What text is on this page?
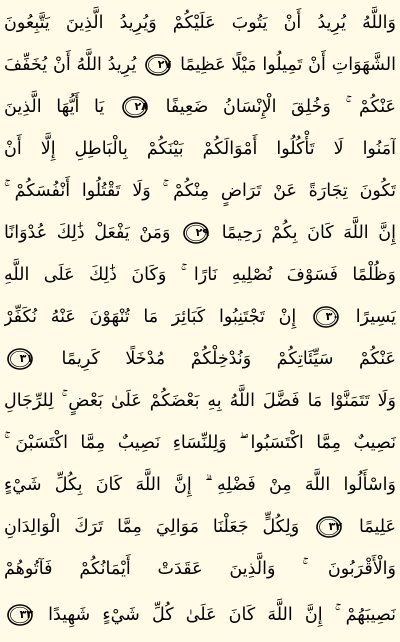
وَاللَّهُ يُرِيدُ أَنْ يَتُوبَ عَلَيْكُمْ وَيُرِيدُ الَّذِينَ يَتَّبِعُونَ
الشَّهَوَاتِ أَنْ تَمِيلُوا مَيْلًا عَظِيمًا
٢٧ يُرِيدُ اللَّهُ أَنْ يُخَفِّفَ
عَنْكُمْ ۚ وَخُلِقَ الْإِنْسَانُ ضَعِيفًا
٢٨ يَا أَيُّهَا الَّذِينَ
آمَنُوا لَا تَأْكُلُوا أَمْوَالَكُمْ بَيْنَكُمْ بِالْبَاطِلِ إِلَّا أَنْ
تَكُونَ تِجَارَةً عَنْ تَرَاضٍ مِنْكُمْ ۚ وَلَا تَقْتُلُوا أَنْفُسَكُمْ ۚ
إِنَّ اللَّهَ كَانَ بِكُمْ رَحِيمًا
٢٩ وَمَنْ يَفْعَلْ ذَٰلِكَ عُدْوَانًا
وَظُلْمًا فَسَوْفَ نُصْلِيهِ نَارًا ۚ وَكَانَ ذَٰلِكَ عَلَى اللَّهِ
يَسِيرًا
٣٠ إِنْ تَجْتَنِبُوا كَبَائِرَ مَا تُنْهَوْنَ عَنْهُ نُكَفِّرْ
عَنْكُمْ سَيِّئَاتِكُمْ وَنُدْخِلْكُمْ مُدْخَلًا كَرِيمًا
٣١
وَلَا تَتَمَنَّوْا مَا فَضَّلَ اللَّهُ بِهِ بَعْضَكُمْ عَلَىٰ بَعْضٍ ۚ لِلرِّجَالِ
نَصِيبٌ مِمَّا اكْتَسَبُوا ۖ وَلِلنِّسَاءِ نَصِيبٌ مِمَّا اكْتَسَبْنَ ۚ
وَاسْأَلُوا اللَّهَ مِنْ فَضْلِهِ ۗ إِنَّ اللَّهَ كَانَ بِكُلِّ شَيْءٍ
عَلِيمًا
٣٢ وَلِكُلٍّ جَعَلْنَا مَوَالِيَ مِمَّا تَرَكَ الْوَالِدَانِ
وَالْأَقْرَبُونَ ۚ وَالَّذِينَ عَقَدَتْ أَيْمَانُكُمْ فَآتُوهُمْ
نَصِيبَهُمْ ۚ إِنَّ اللَّهَ كَانَ عَلَىٰ كُلِّ شَيْءٍ شَهِيدًا
٣٣
